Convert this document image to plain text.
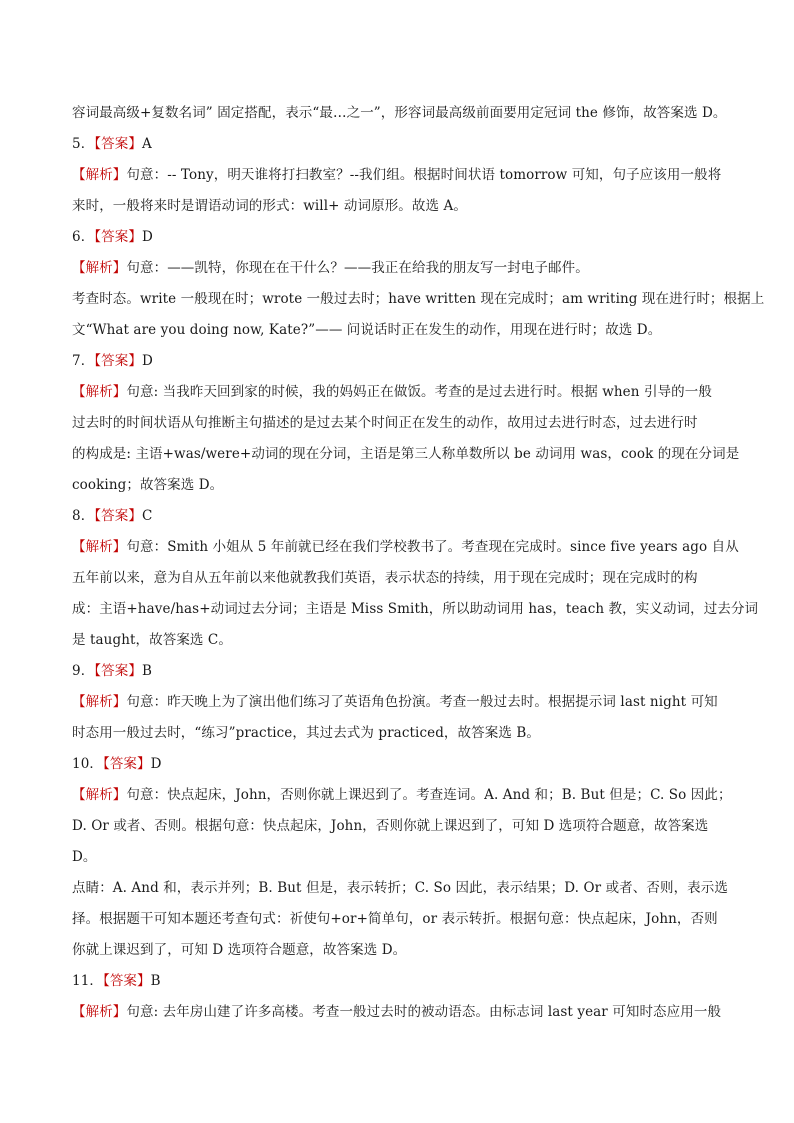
容词最高级+复数名词” 固定搭配，表示“最…之一”，形容词最高级前面要用定冠词 the 修饰，故答案选 D。
5．【答案】A
【解析】句意：-- Tony，明天谁将打扫教室？--我们组。根据时间状语 tomorrow 可知，句子应该用一般将
来时，一般将来时是谓语动词的形式：will+ 动词原形。故选 A。
6．【答案】D
【解析】句意：——凯特，你现在在干什么？——我正在给我的朋友写一封电子邮件。
考查时态。write 一般现在时；wrote 一般过去时；have written 现在完成时；am writing 现在进行时；根据上
文“What are you doing now, Kate?”—— 问说话时正在发生的动作，用现在进行时；故选 D。
7．【答案】D
【解析】句意: 当我昨天回到家的时候，我的妈妈正在做饭。考查的是过去进行时。根据 when 引导的一般
过去时的时间状语从句推断主句描述的是过去某个时间正在发生的动作，故用过去进行时态，过去进行时
的构成是: 主语+was/were+动词的现在分词，主语是第三人称单数所以 be 动词用 was，cook 的现在分词是
cooking；故答案选 D。
8．【答案】C
【解析】句意：Smith 小姐从 5 年前就已经在我们学校教书了。考查现在完成时。since five years ago 自从
五年前以来，意为自从五年前以来他就教我们英语，表示状态的持续，用于现在完成时；现在完成时的构
成：主语+have/has+动词过去分词；主语是 Miss Smith，所以助动词用 has，teach 教，实义动词，过去分词
是 taught，故答案选 C。
9．【答案】B
【解析】句意：昨天晚上为了演出他们练习了英语角色扮演。考查一般过去时。根据提示词 last night 可知
时态用一般过去时，“练习”practice，其过去式为 practiced，故答案选 B。
10．【答案】D
【解析】句意：快点起床，John，否则你就上课迟到了。考查连词。A. And 和；B. But 但是；C. So 因此；
D. Or 或者、否则。根据句意：快点起床，John，否则你就上课迟到了，可知 D 选项符合题意，故答案选
D。
点睛：A. And 和，表示并列；B. But 但是，表示转折；C. So 因此，表示结果；D. Or 或者、否则，表示选
择。根据题干可知本题还考查句式：祈使句+or+简单句，or 表示转折。根据句意：快点起床，John，否则
你就上课迟到了，可知 D 选项符合题意，故答案选 D。
11．【答案】B
【解析】句意: 去年房山建了许多高楼。考查一般过去时的被动语态。由标志词 last year 可知时态应用一般
